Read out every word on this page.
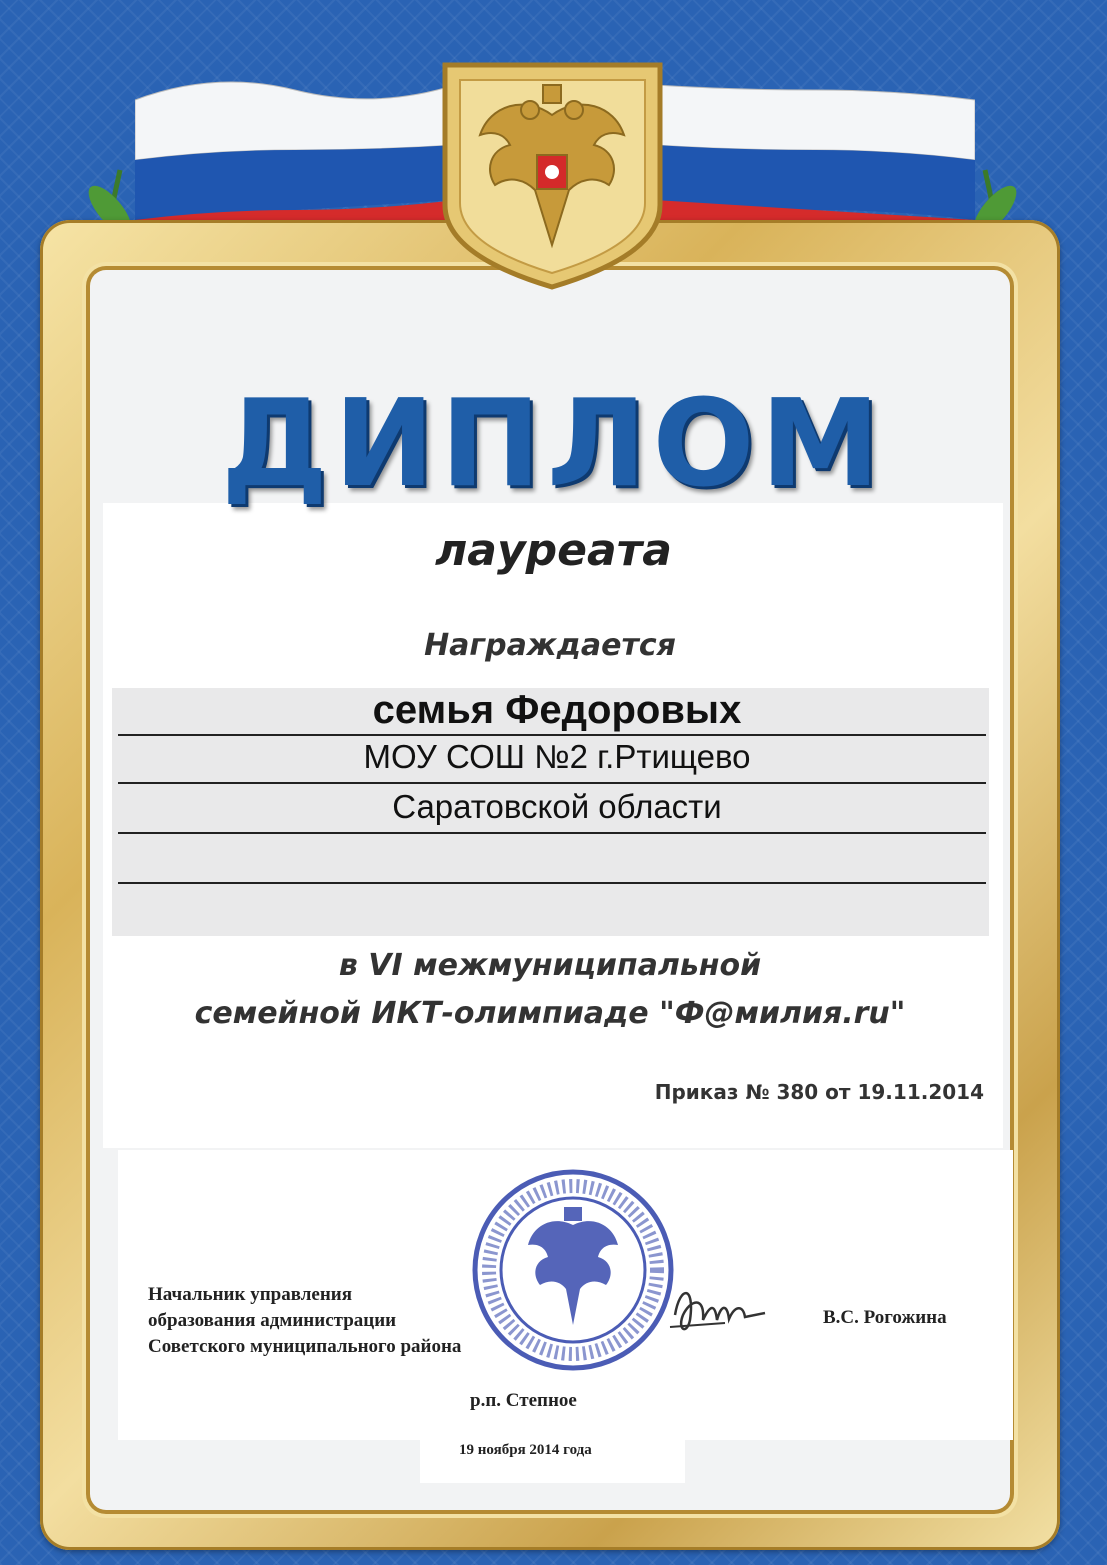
ДИПЛОМ
лауреата
Награждается
семья Федоровых
МОУ СОШ №2 г.Ртищево
Саратовской области
в VI межмуниципальной
семейной ИКТ-олимпиаде "Ф@милия.ru"
Приказ № 380 от 19.11.2014
Начальник управления
образования администрации
Советского муниципального района
В.С. Рогожина
р.п. Степное
19 ноября 2014 года
